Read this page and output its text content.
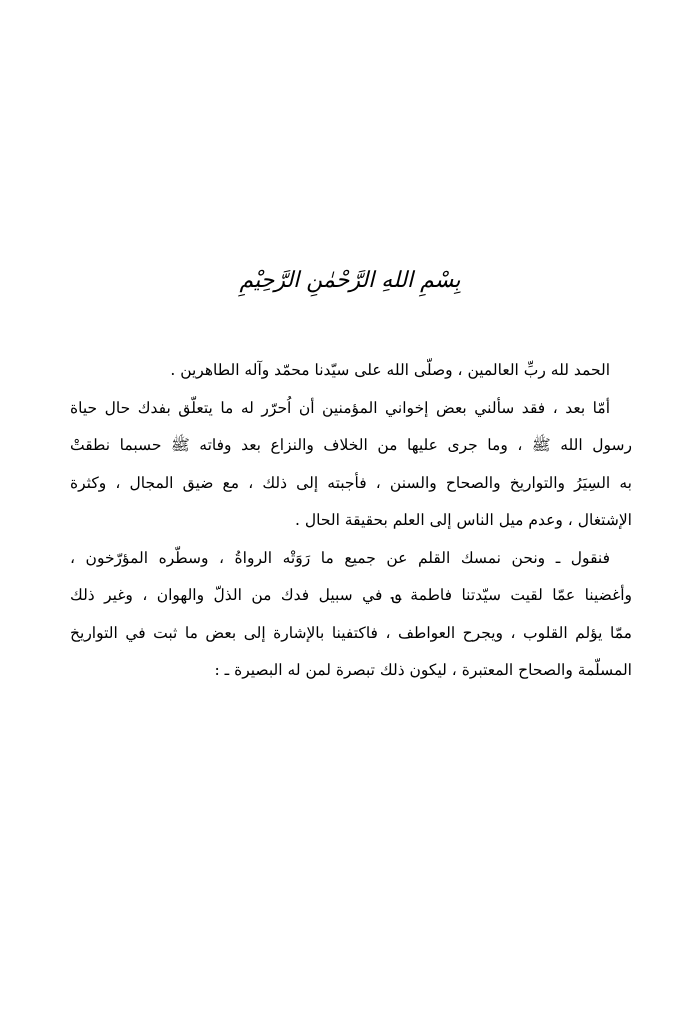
بِسْمِ اللهِ الرَّحْمٰنِ الرَّحِيْمِ
الحمد لله ربِّ العالمين ، وصلّى الله على سيّدنا محمّد وآله الطاهرين .
أمّا بعد ، فقد سألني بعض إخواني المؤمنين أن اُحرّر له ما يتعلّق بفدك حال حياة
رسول الله ﷺ ، وما جرى عليها من الخلاف والنزاع بعد وفاته ﷺ حسبما نطقتْ
به السِيَرُ والتواريخ والصحاح والسنن ، فأجبته إلى ذلك ، مع ضيق المجال ، وكثرة
الإشتغال ، وعدم ميل الناس إلى العلم بحقيقة الحال .
فنقول ـ ونحن نمسك القلم عن جميع ما رَوَتْه الرواةُ ، وسطّره المؤرّخون ،
وأغضينا عمّا لقيت سيّدتنا فاطمة ؈ في سبيل فدك من الذلّ والهوان ، وغير ذلك
ممّا يؤلم القلوب ، ويجرح العواطف ، فاكتفينا بالإشارة إلى بعض ما ثبت في التواريخ
المسلّمة والصحاح المعتبرة ، ليكون ذلك تبصرة لمن له البصيرة ـ :
